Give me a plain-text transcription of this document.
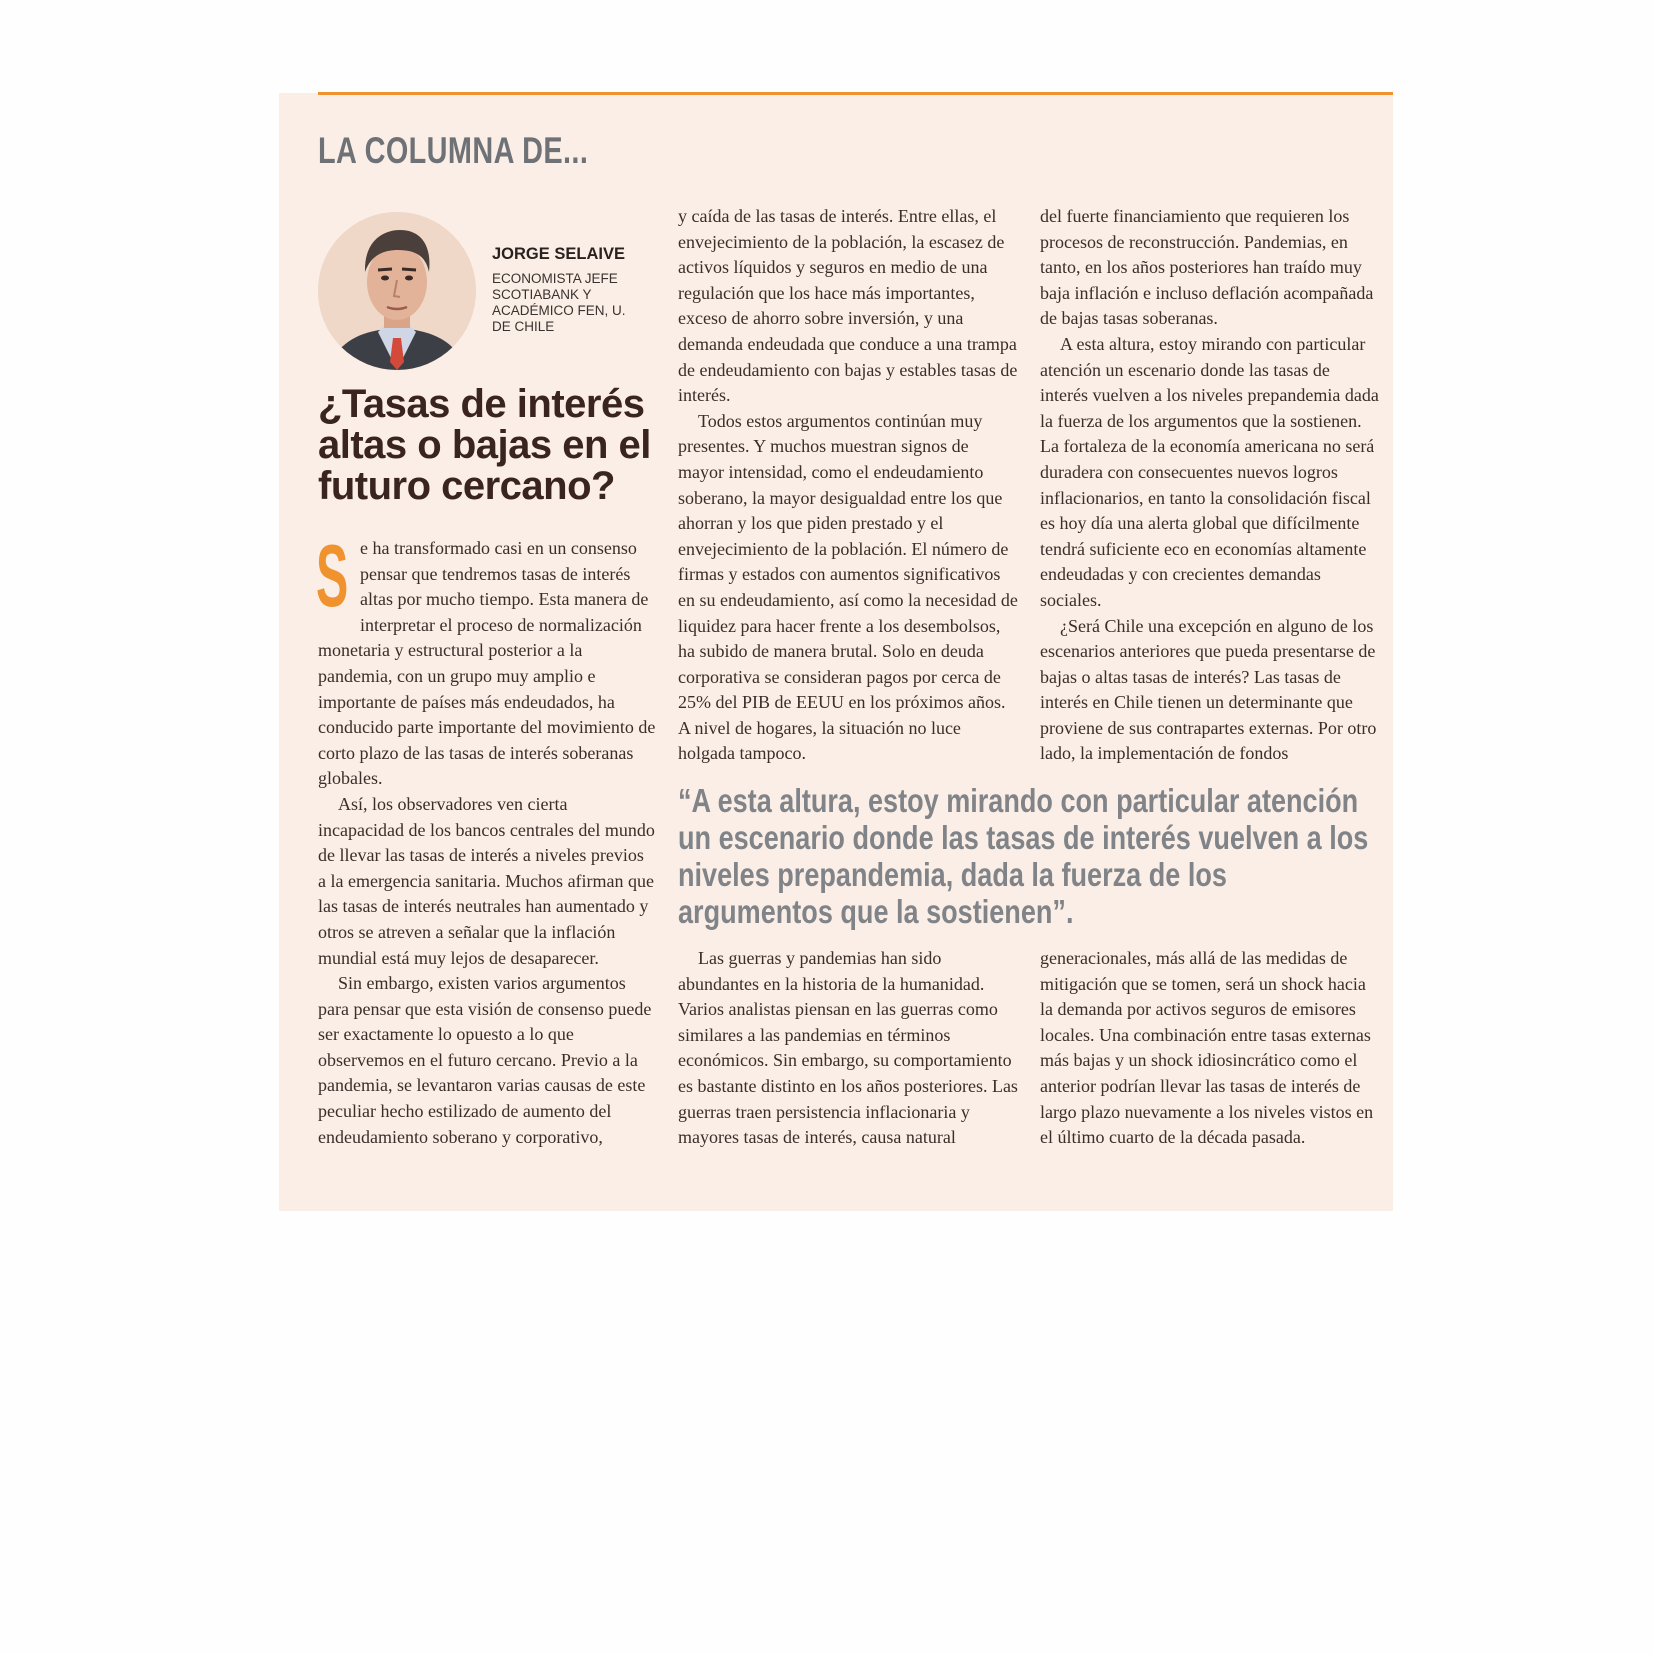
LA COLUMNA DE...
JORGE SELAIVE
ECONOMISTA JEFE SCOTIABANK Y ACADÉMICO FEN, U. DE CHILE
¿Tasas de interés altas o bajas en el futuro cercano?

Se ha transformado casi en un consenso pensar que tendremos tasas de interés altas por mucho tiempo. Esta manera de interpretar el proceso de normalización monetaria y estructural posterior a la pandemia, con un grupo muy amplio e importante de países más endeudados, ha conducido parte importante del movimiento de corto plazo de las tasas de interés soberanas globales.

Así, los observadores ven cierta incapacidad de los bancos centrales del mundo de llevar las tasas de interés a niveles previos a la emergencia sanitaria. Muchos afirman que las tasas de interés neutrales han aumentado y otros se atreven a señalar que la inflación mundial está muy lejos de desaparecer.

Sin embargo, existen varios argumentos para pensar que esta visión de consenso puede ser exactamente lo opuesto a lo que observemos en el futuro cercano. Previo a la pandemia, se levantaron varias causas de este peculiar hecho estilizado de aumento del endeudamiento soberano y corporativo,

y caída de las tasas de interés. Entre ellas, el envejecimiento de la población, la escasez de activos líquidos y seguros en medio de una regulación que los hace más importantes, exceso de ahorro sobre inversión, y una demanda endeudada que conduce a una trampa de endeudamiento con bajas y estables tasas de interés.

Todos estos argumentos continúan muy presentes. Y muchos muestran signos de mayor intensidad, como el endeudamiento soberano, la mayor desigualdad entre los que ahorran y los que piden prestado y el envejecimiento de la población. El número de firmas y estados con aumentos significativos en su endeudamiento, así como la necesidad de liquidez para hacer frente a los desembolsos, ha subido de manera brutal. Solo en deuda corporativa se consideran pagos por cerca de 25% del PIB de EEUU en los próximos años. A nivel de hogares, la situación no luce holgada tampoco.

del fuerte financiamiento que requieren los procesos de reconstrucción. Pandemias, en tanto, en los años posteriores han traído muy baja inflación e incluso deflación acompañada de bajas tasas soberanas.

A esta altura, estoy mirando con particular atención un escenario donde las tasas de interés vuelven a los niveles prepandemia dada la fuerza de los argumentos que la sostienen. La fortaleza de la economía americana no será duradera con consecuentes nuevos logros inflacionarios, en tanto la consolidación fiscal es hoy día una alerta global que difícilmente tendrá suficiente eco en economías altamente endeudadas y con crecientes demandas sociales.

¿Será Chile una excepción en alguno de los escenarios anteriores que pueda presentarse de bajas o altas tasas de interés? Las tasas de interés en Chile tienen un determinante que proviene de sus contrapartes externas. Por otro lado, la implementación de fondos

“A esta altura, estoy mirando con particular atención un escenario donde las tasas de interés vuelven a los niveles prepandemia, dada la fuerza de los argumentos que la sostienen”.

Las guerras y pandemias han sido abundantes en la historia de la humanidad. Varios analistas piensan en las guerras como similares a las pandemias en términos económicos. Sin embargo, su comportamiento es bastante distinto en los años posteriores. Las guerras traen persistencia inflacionaria y mayores tasas de interés, causa natural

generacionales, más allá de las medidas de mitigación que se tomen, será un shock hacia la demanda por activos seguros de emisores locales. Una combinación entre tasas externas más bajas y un shock idiosincrático como el anterior podrían llevar las tasas de interés de largo plazo nuevamente a los niveles vistos en el último cuarto de la década pasada.
